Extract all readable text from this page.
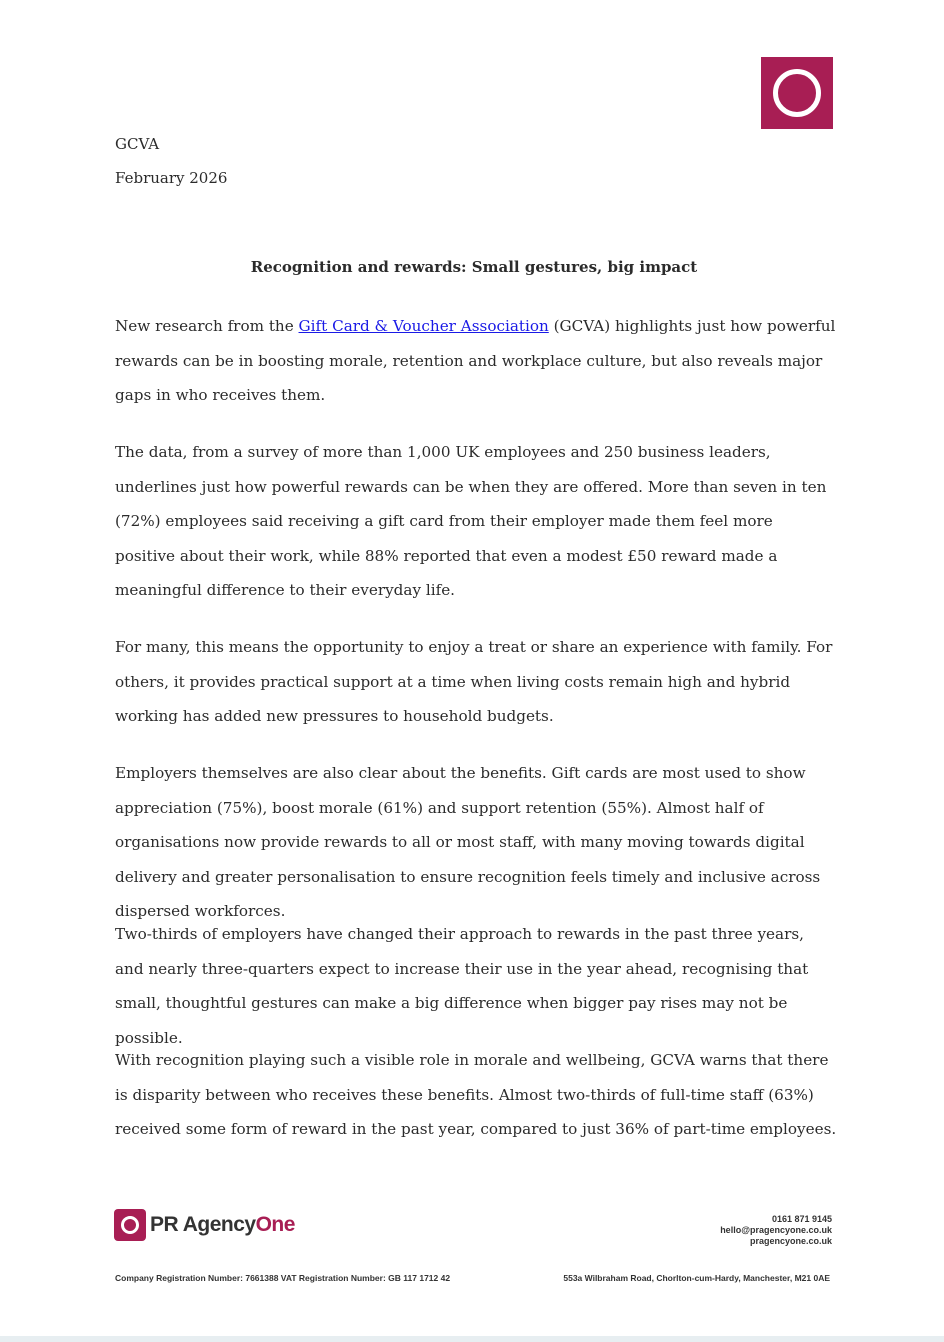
GCVA
February 2026
Recognition and rewards: Small gestures, big impact

New research from the Gift Card & Voucher Association (GCVA) highlights just how powerful rewards can be in boosting morale, retention and workplace culture, but also reveals major gaps in who receives them.

The data, from a survey of more than 1,000 UK employees and 250 business leaders, underlines just how powerful rewards can be when they are offered. More than seven in ten (72%) employees said receiving a gift card from their employer made them feel more positive about their work, while 88% reported that even a modest £50 reward made a meaningful difference to their everyday life.

For many, this means the opportunity to enjoy a treat or share an experience with family. For others, it provides practical support at a time when living costs remain high and hybrid working has added new pressures to household budgets.

Employers themselves are also clear about the benefits. Gift cards are most used to show appreciation (75%), boost morale (61%) and support retention (55%). Almost half of organisations now provide rewards to all or most staff, with many moving towards digital delivery and greater personalisation to ensure recognition feels timely and inclusive across dispersed workforces.

Two-thirds of employers have changed their approach to rewards in the past three years, and nearly three-quarters expect to increase their use in the year ahead, recognising that small, thoughtful gestures can make a big difference when bigger pay rises may not be possible.

With recognition playing such a visible role in morale and wellbeing, GCVA warns that there is disparity between who receives these benefits. Almost two-thirds of full-time staff (63%) received some form of reward in the past year, compared to just 36% of part-time employees.

PR AgencyOne	0161 871 9145
hello@pragencyone.co.uk
pragencyone.co.uk
Company Registration Number: 7661388 VAT Registration Number: GB 117 1712 42	553a Wilbraham Road, Chorlton-cum-Hardy, Manchester, M21 0AE
